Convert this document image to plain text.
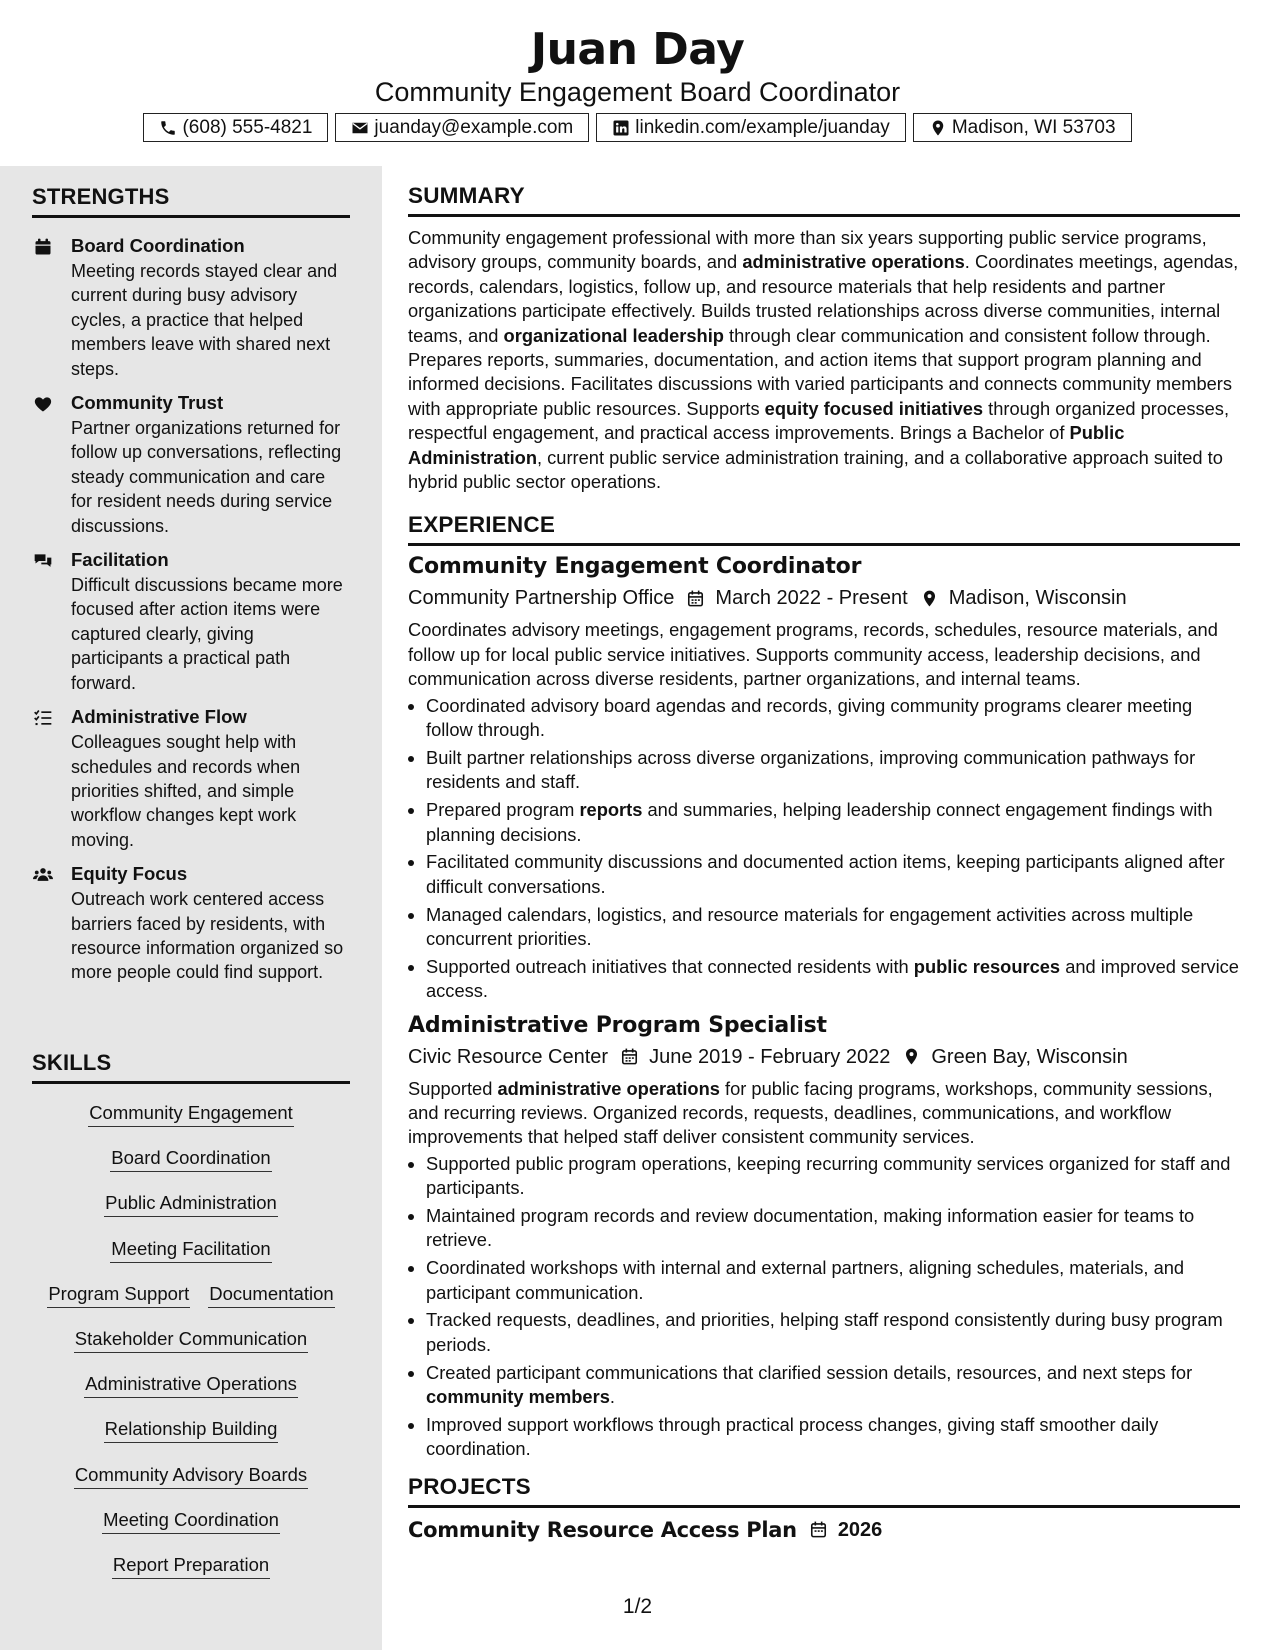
Juan Day
Community Engagement Board Coordinator
(608) 555-4821	juanday@example.com	linkedin.com/example/juanday	Madison, WI 53703
STRENGTHS
Board Coordination
Meeting records stayed clear and current during busy advisory cycles, a practice that helped members leave with shared next steps.
Community Trust
Partner organizations returned for follow up conversations, reflecting steady communication and care for resident needs during service discussions.
Facilitation
Difficult discussions became more focused after action items were captured clearly, giving participants a practical path forward.
Administrative Flow
Colleagues sought help with schedules and records when priorities shifted, and simple workflow changes kept work moving.
Equity Focus
Outreach work centered access barriers faced by residents, with resource information organized so more people could find support.
SKILLS
Community Engagement
Board Coordination
Public Administration
Meeting Facilitation
Program Support Documentation
Stakeholder Communication
Administrative Operations
Relationship Building
Community Advisory Boards
Meeting Coordination
Report Preparation
SUMMARY

Community engagement professional with more than six years supporting public service programs, advisory groups, community boards, and administrative operations. Coordinates meetings, agendas, records, calendars, logistics, follow up, and resource materials that help residents and partner organizations participate effectively. Builds trusted relationships across diverse communities, internal teams, and organizational leadership through clear communication and consistent follow through. Prepares reports, summaries, documentation, and action items that support program planning and informed decisions. Facilitates discussions with varied participants and connects community members with appropriate public resources. Supports equity focused initiatives through organized processes, respectful engagement, and practical access improvements. Brings a Bachelor of Public Administration, current public service administration training, and a collaborative approach suited to hybrid public sector operations.

EXPERIENCE
Community Engagement Coordinator
Community Partnership Office March 2022 - Present Madison, Wisconsin

Coordinates advisory meetings, engagement programs, records, schedules, resource materials, and follow up for local public service initiatives. Supports community access, leadership decisions, and communication across diverse residents, partner organizations, and internal teams.

• Coordinated advisory board agendas and records, giving community programs clearer meeting follow through.
• Built partner relationships across diverse organizations, improving communication pathways for residents and staff.
• Prepared program reports and summaries, helping leadership connect engagement findings with planning decisions.
• Facilitated community discussions and documented action items, keeping participants aligned after difficult conversations.
• Managed calendars, logistics, and resource materials for engagement activities across multiple concurrent priorities.
• Supported outreach initiatives that connected residents with public resources and improved service access.
Administrative Program Specialist
Civic Resource Center June 2019 - February 2022 Green Bay, Wisconsin

Supported administrative operations for public facing programs, workshops, community sessions, and recurring reviews. Organized records, requests, deadlines, communications, and workflow improvements that helped staff deliver consistent community services.

• Supported public program operations, keeping recurring community services organized for staff and participants.
• Maintained program records and review documentation, making information easier for teams to retrieve.
• Coordinated workshops with internal and external partners, aligning schedules, materials, and participant communication.
• Tracked requests, deadlines, and priorities, helping staff respond consistently during busy program periods.
• Created participant communications that clarified session details, resources, and next steps for community members.
• Improved support workflows through practical process changes, giving staff smoother daily coordination.
PROJECTS
Community Resource Access Plan 2026
1/2
